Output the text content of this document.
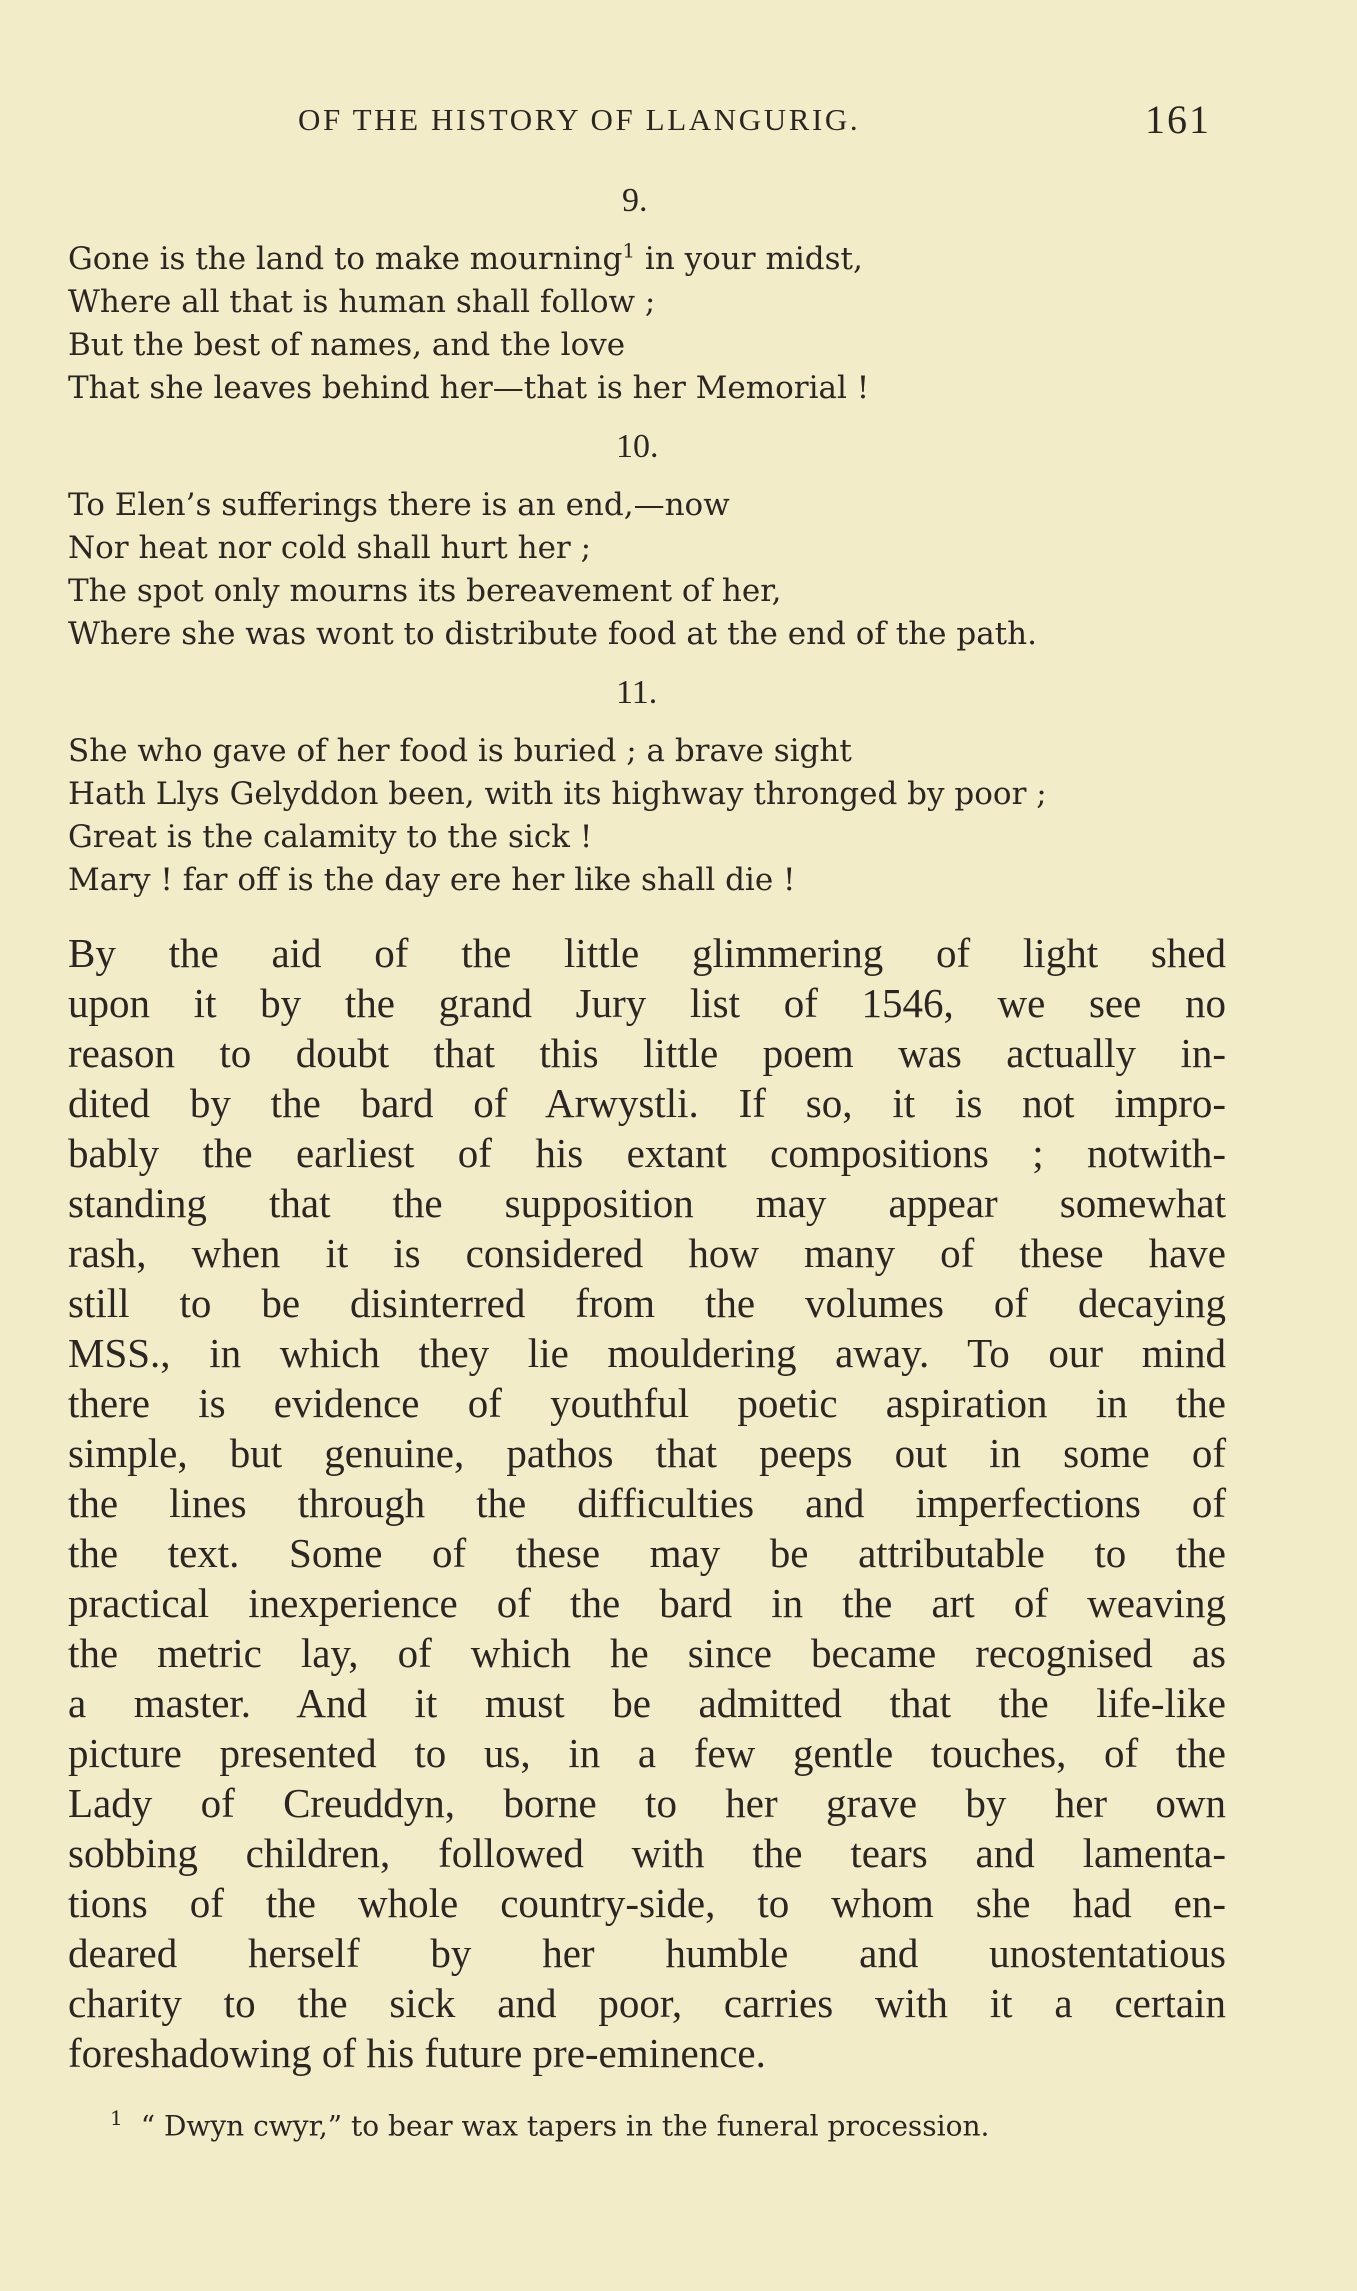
OF THE HISTORY OF LLANGURIG.	161
9.
Gone is the land to make mourning$^1$ in your midst,
Where all that is human shall follow ;
But the best of names, and the love
That she leaves behind her—that is her Memorial !
10.
To Elen’s sufferings there is an end,—now
Nor heat nor cold shall hurt her ;
The spot only mourns its bereavement of her,
Where she was wont to distribute food at the end of the path.
11.
She who gave of her food is buried ; a brave sight
Hath Llys Gelyddon been, with its highway thronged by poor ;
Great is the calamity to the sick !
Mary ! far off is the day ere her like shall die !
By the aid of the little glimmering of light shed
upon it by the grand Jury list of 1546, we see no
reason to doubt that this little poem was actually in-
dited by the bard of Arwystli. If so, it is not impro-
bably the earliest of his extant compositions ; notwith-
standing that the supposition may appear somewhat
rash, when it is considered how many of these have
still to be disinterred from the volumes of decaying
MSS., in which they lie mouldering away. To our mind
there is evidence of youthful poetic aspiration in the
simple, but genuine, pathos that peeps out in some of
the lines through the difficulties and imperfections of
the text. Some of these may be attributable to the
practical inexperience of the bard in the art of weaving
the metric lay, of which he since became recognised as
a master. And it must be admitted that the life-like
picture presented to us, in a few gentle touches, of the
Lady of Creuddyn, borne to her grave by her own
sobbing children, followed with the tears and lamenta-
tions of the whole country-side, to whom she had en-
deared herself by her humble and unostentatious
charity to the sick and poor, carries with it a certain
foreshadowing of his future pre-eminence.
$^1$ “ Dwyn cwyr,” to bear wax tapers in the funeral procession.
